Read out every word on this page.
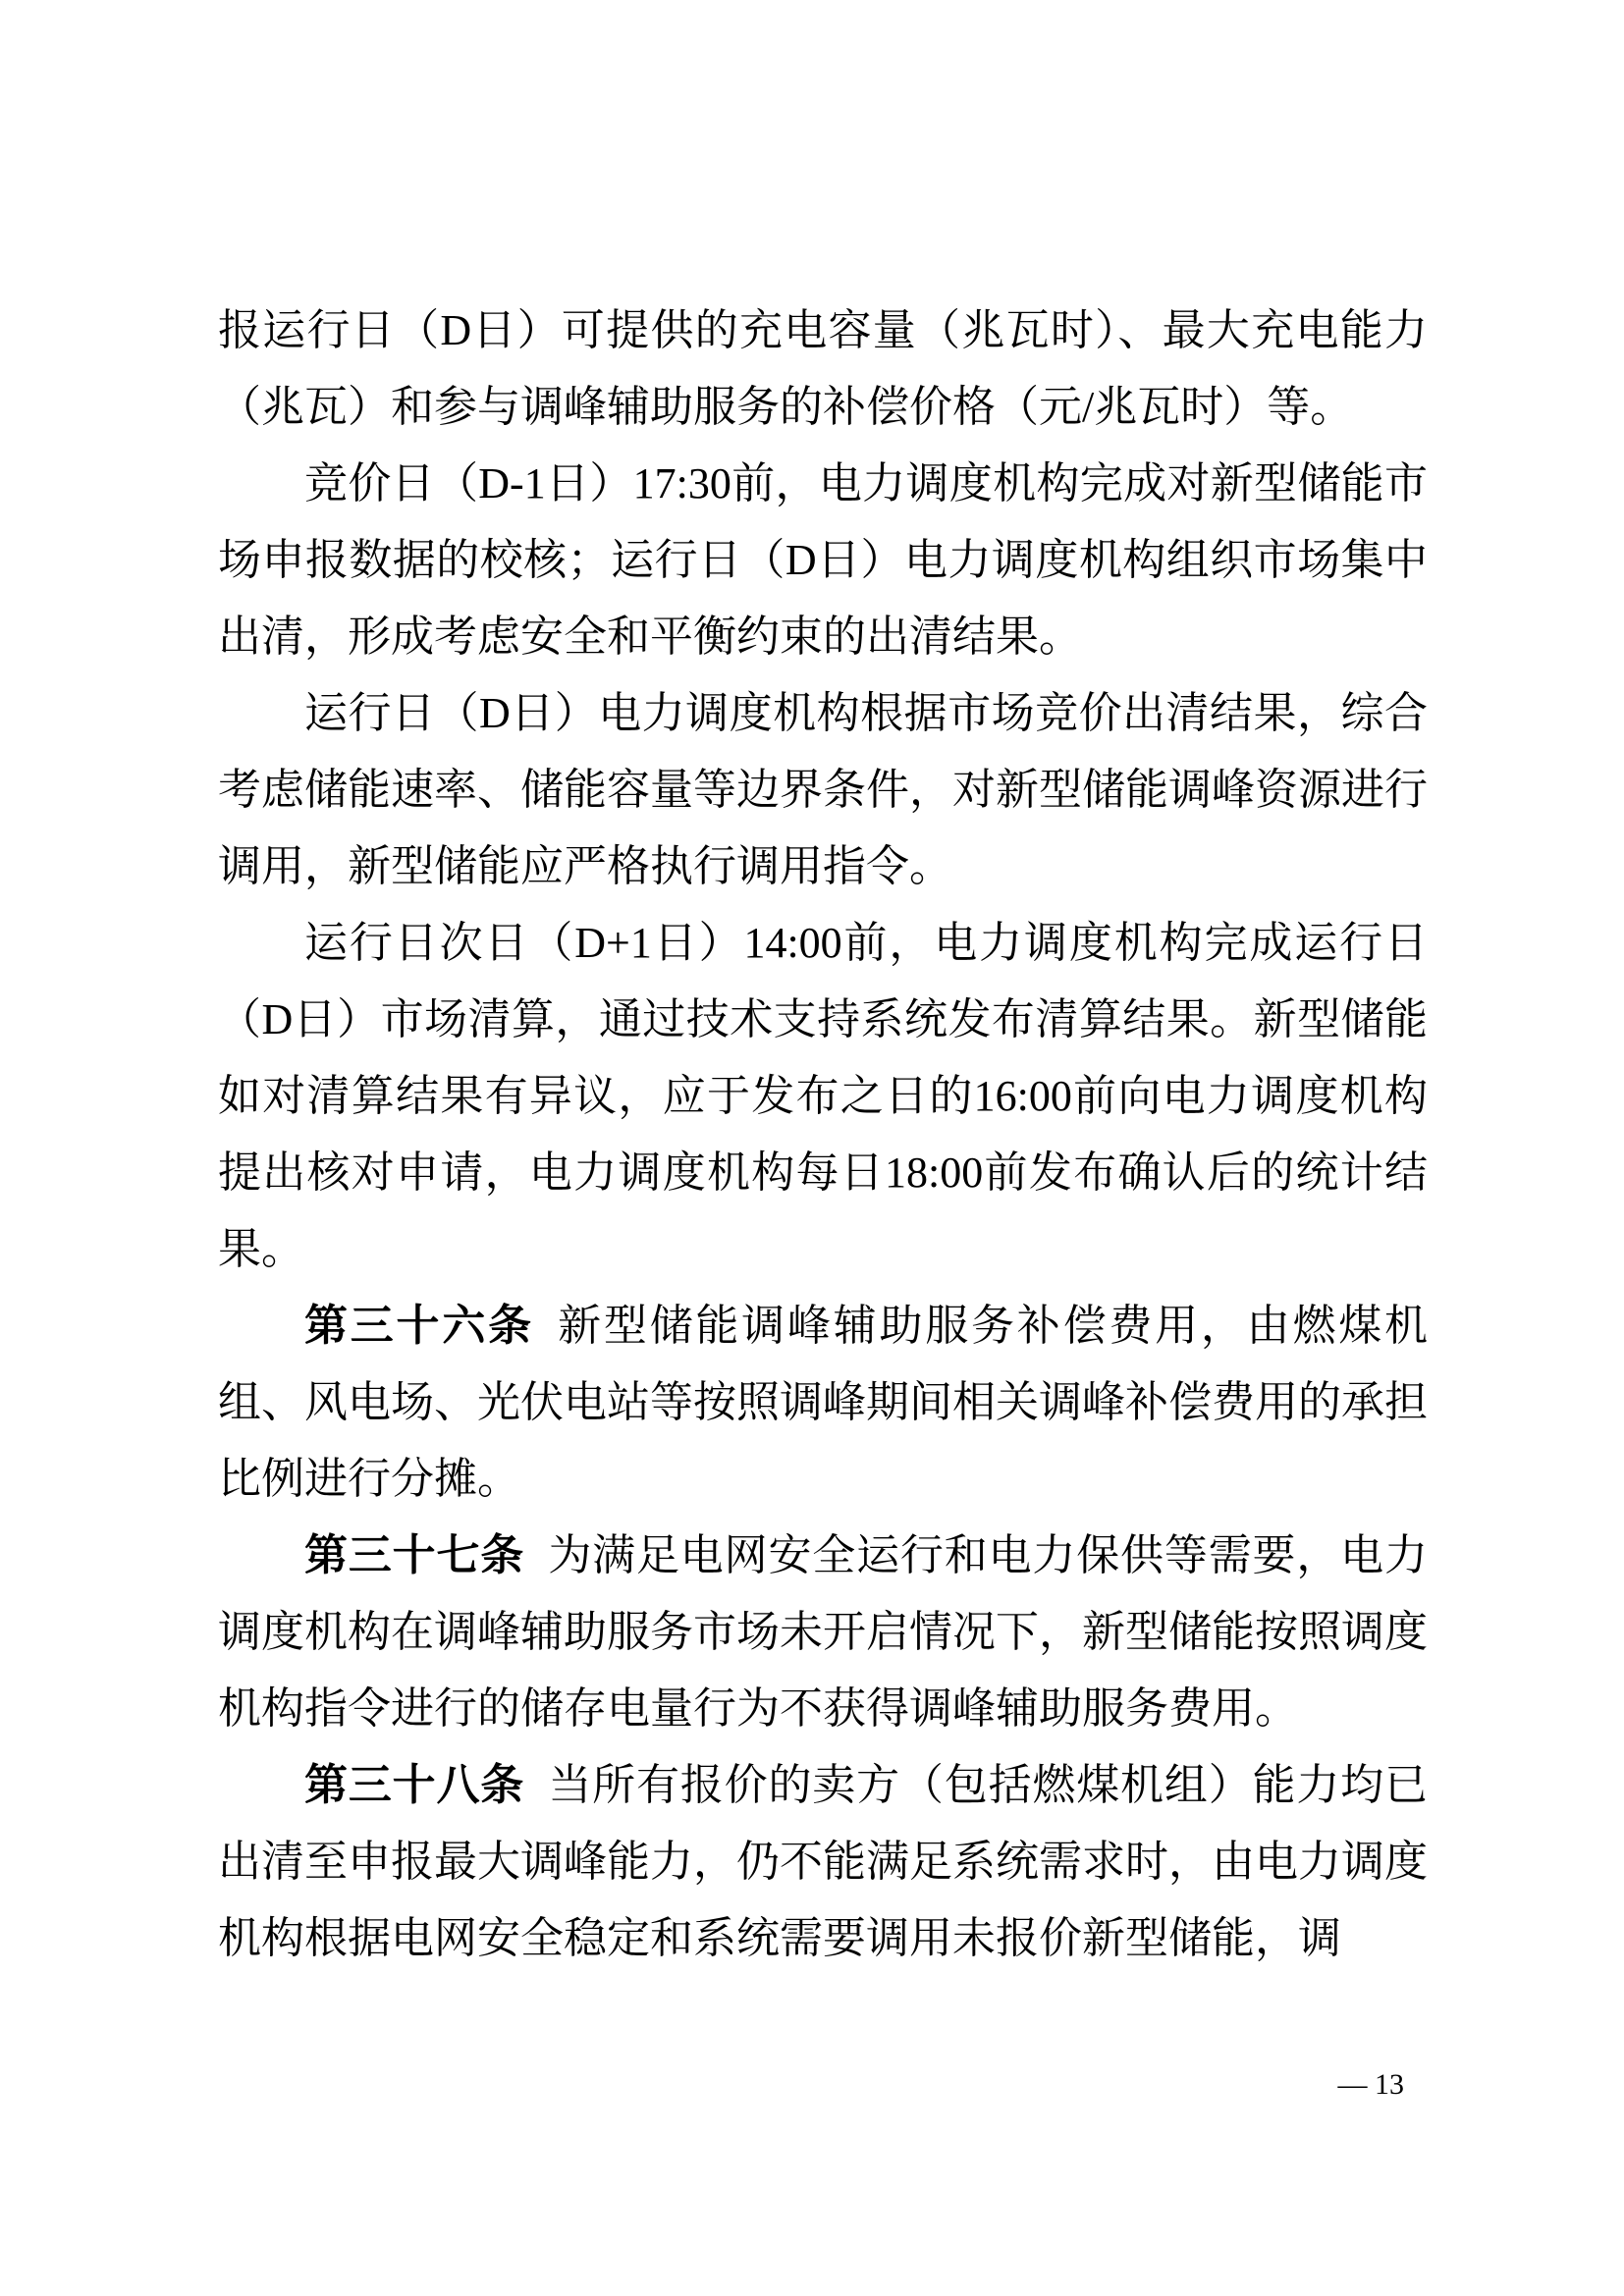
报运行日（D日）可提供的充电容量（兆瓦时）、最大充电能力（兆瓦）和参与调峰辅助服务的补偿价格（元/兆瓦时）等。

竞价日（D-1日）17:30前，电力调度机构完成对新型储能市场申报数据的校核；运行日（D日）电力调度机构组织市场集中出清，形成考虑安全和平衡约束的出清结果。

运行日（D日）电力调度机构根据市场竞价出清结果，综合考虑储能速率、储能容量等边界条件，对新型储能调峰资源进行调用，新型储能应严格执行调用指令。

运行日次日（D+1日）14:00前，电力调度机构完成运行日（D日）市场清算，通过技术支持系统发布清算结果。新型储能如对清算结果有异议，应于发布之日的16:00前向电力调度机构提出核对申请，电力调度机构每日18:00前发布确认后的统计结果。

第三十六条 新型储能调峰辅助服务补偿费用，由燃煤机组、风电场、光伏电站等按照调峰期间相关调峰补偿费用的承担比例进行分摊。

第三十七条 为满足电网安全运行和电力保供等需要，电力调度机构在调峰辅助服务市场未开启情况下，新型储能按照调度机构指令进行的储存电量行为不获得调峰辅助服务费用。

第三十八条 当所有报价的卖方（包括燃煤机组）能力均已出清至申报最大调峰能力，仍不能满足系统需求时，由电力调度机构根据电网安全稳定和系统需要调用未报价新型储能，调

— 13
